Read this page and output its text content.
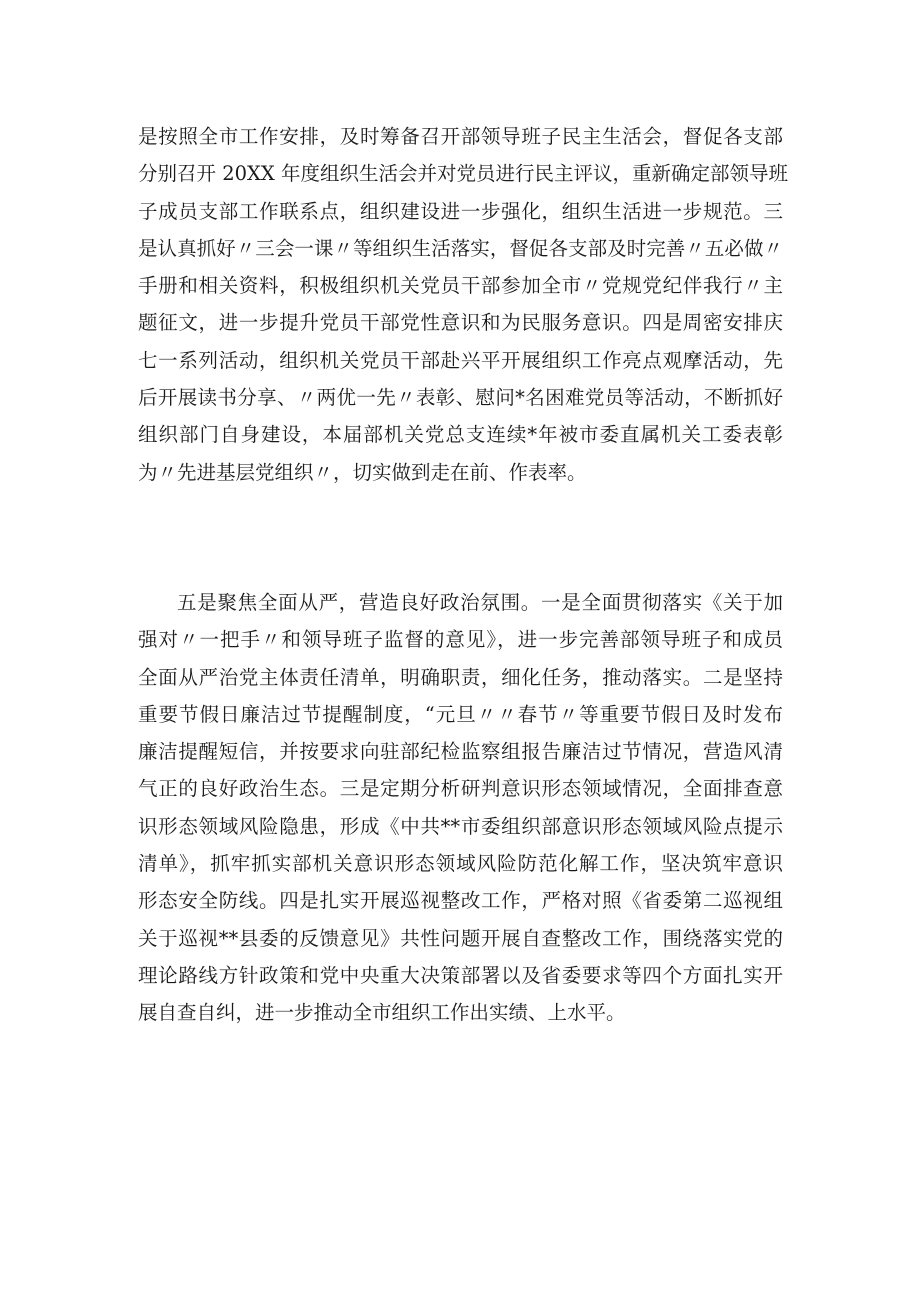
是按照全市工作安排，及时筹备召开部领导班子民主生活会，督促各支部
分别召开 20XX 年度组织生活会并对党员进行民主评议，重新确定部领导班
子成员支部工作联系点，组织建设进一步强化，组织生活进一步规范。三
是认真抓好〃三会一课〃等组织生活落实，督促各支部及时完善〃五必做〃
手册和相关资料，积极组织机关党员干部参加全市〃党规党纪伴我行〃主
题征文，进一步提升党员干部党性意识和为民服务意识。四是周密安排庆
七一系列活动，组织机关党员干部赴兴平开展组织工作亮点观摩活动，先
后开展读书分享、〃两优一先〃表彰、慰问*名困难党员等活动，不断抓好
组织部门自身建设，本届部机关党总支连续*年被市委直属机关工委表彰
为〃先进基层党组织〃，切实做到走在前、作表率。
五是聚焦全面从严，营造良好政治氛围。一是全面贯彻落实《关于加
强对〃一把手〃和领导班子监督的意见》，进一步完善部领导班子和成员
全面从严治党主体责任清单，明确职责，细化任务，推动落实。二是坚持
重要节假日廉洁过节提醒制度，“元旦〃〃春节〃等重要节假日及时发布
廉洁提醒短信，并按要求向驻部纪检监察组报告廉洁过节情况，营造风清
气正的良好政治生态。三是定期分析研判意识形态领域情况，全面排查意
识形态领域风险隐患，形成《中共**市委组织部意识形态领域风险点提示
清单》，抓牢抓实部机关意识形态领域风险防范化解工作，坚决筑牢意识
形态安全防线。四是扎实开展巡视整改工作，严格对照《省委第二巡视组
关于巡视**县委的反馈意见》共性问题开展自查整改工作，围绕落实党的
理论路线方针政策和党中央重大决策部署以及省委要求等四个方面扎实开
展自查自纠，进一步推动全市组织工作出实绩、上水平。
